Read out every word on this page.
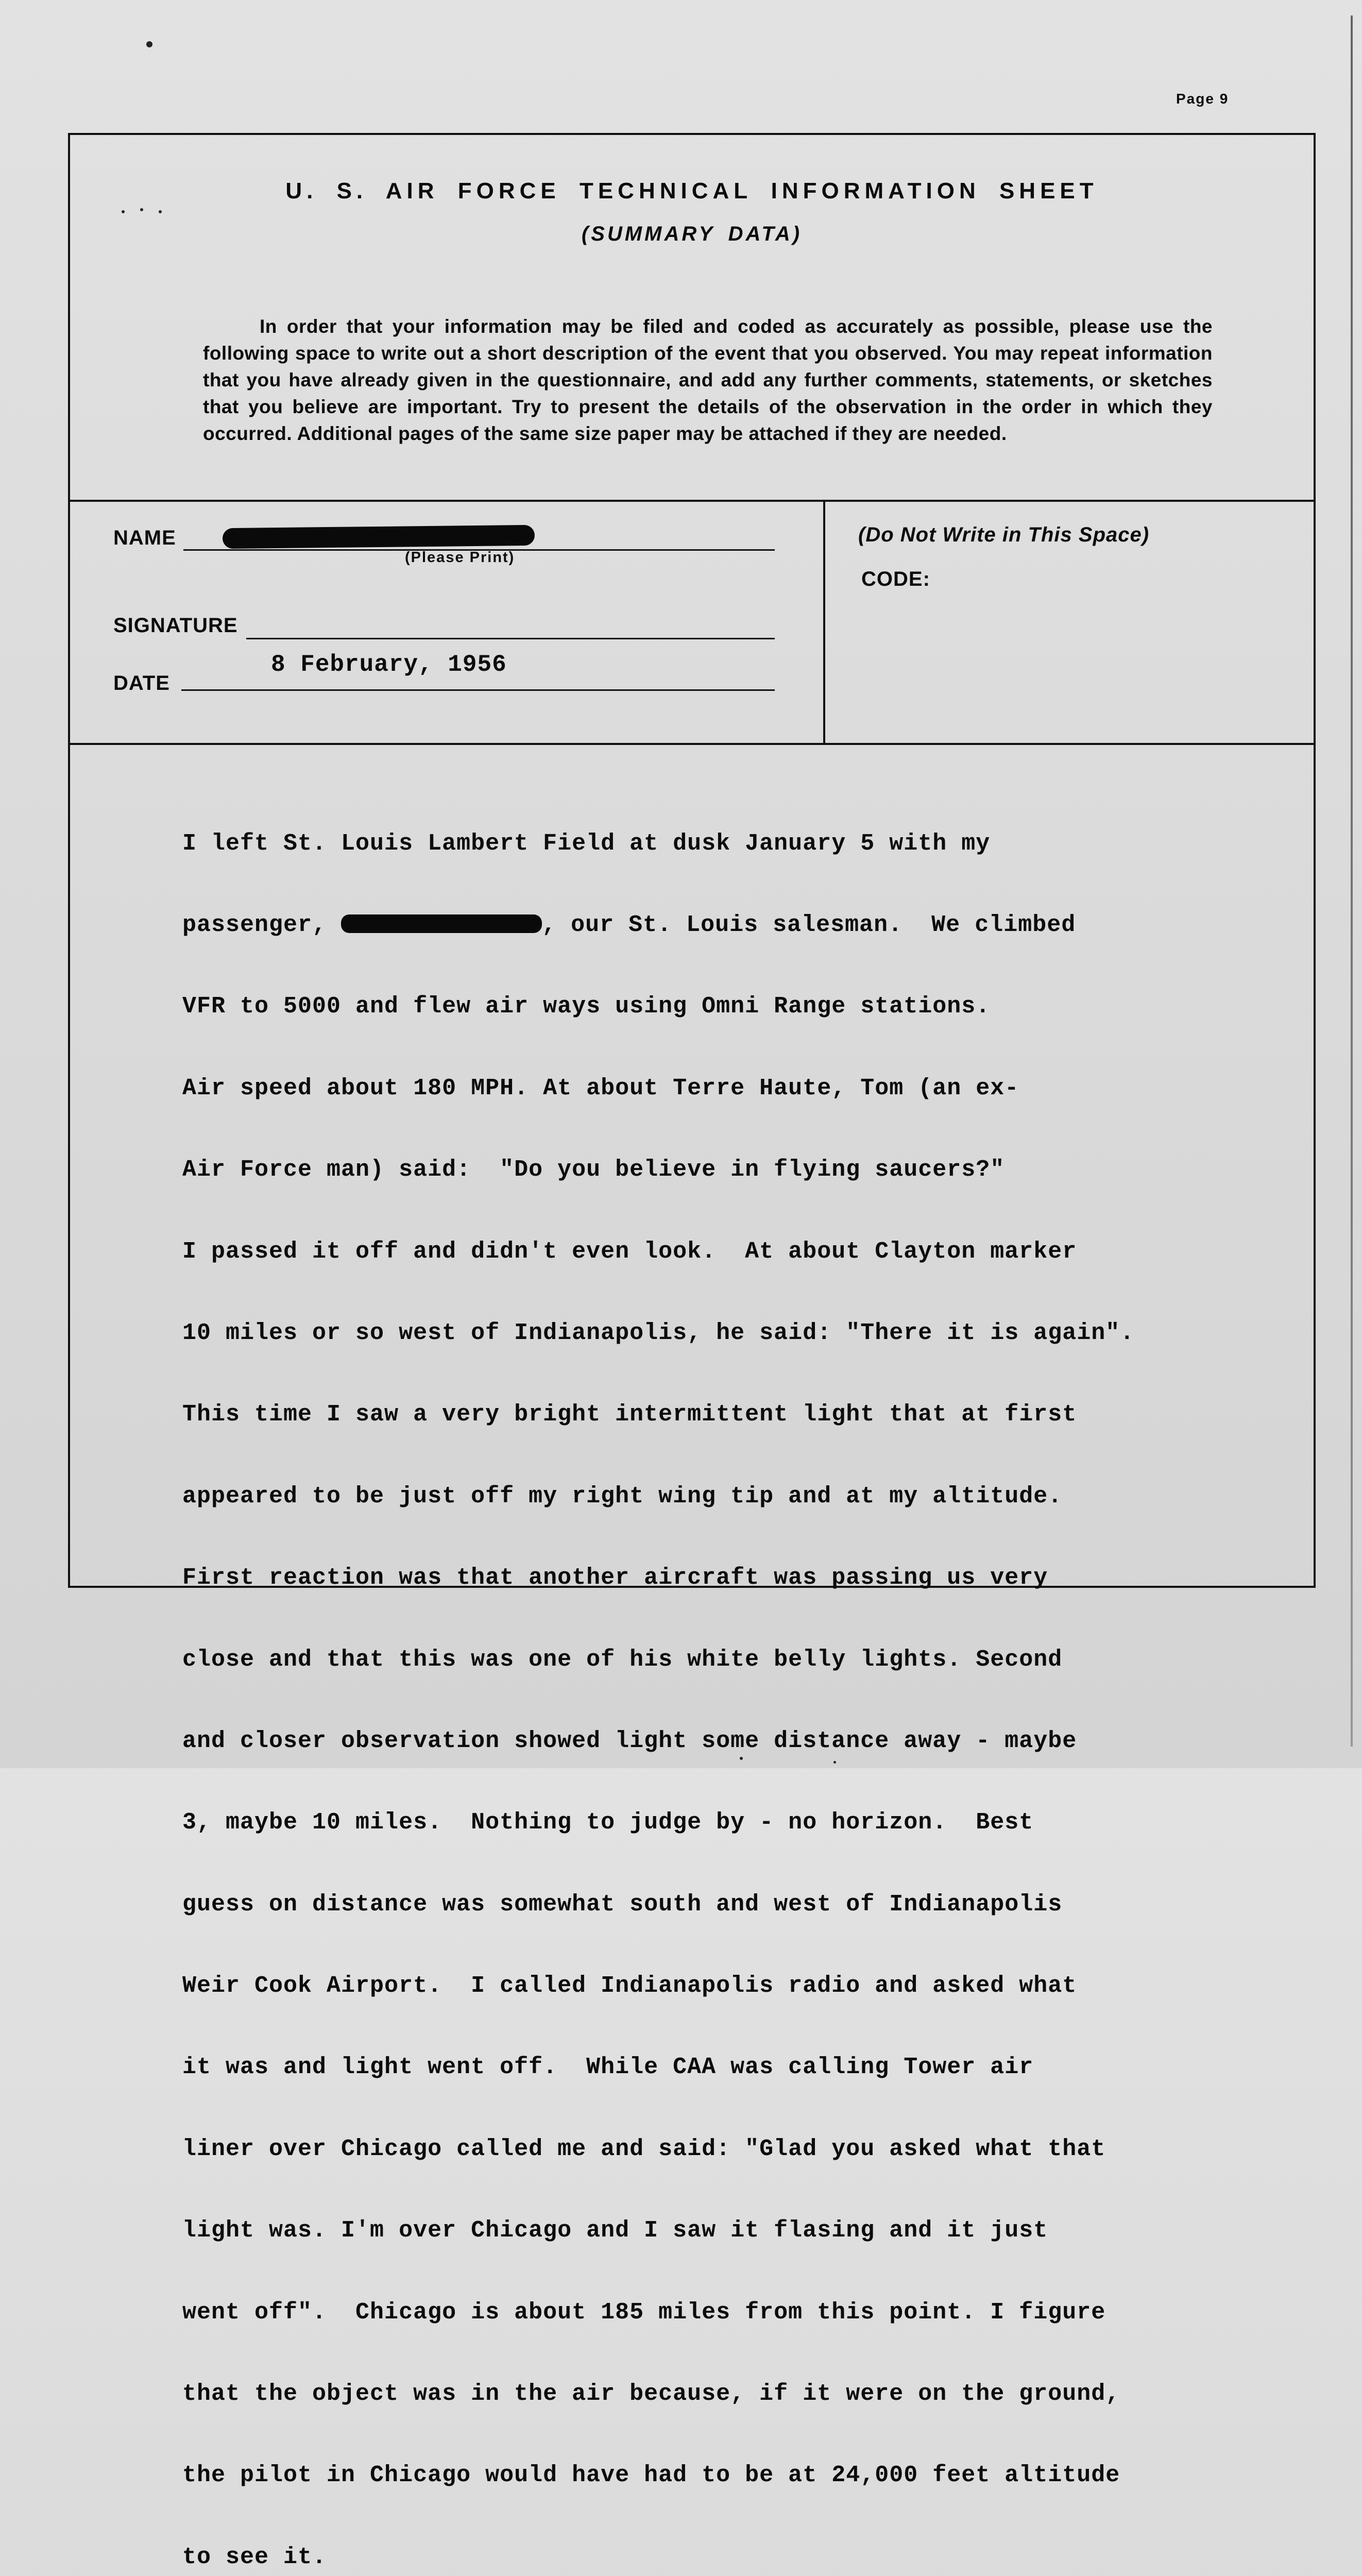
Page 9
U. S. AIR FORCE TECHNICAL INFORMATION SHEET
(SUMMARY DATA)

In order that your information may be filed and coded as accurately as possible, please use the following space to write out a short description of the event that you observed. You may repeat information that you have already given in the questionnaire, and add any further comments, statements, or sketches that you believe are important. Try to present the details of the observation in the order in which they occurred. Additional pages of the same size paper may be attached if they are needed.

NAME
(Please Print)
SIGNATURE
DATE
8 February, 1956
(Do Not Write in This Space)
CODE:

I left St. Louis Lambert Field at dusk January 5 with my

passenger,	, our St. Louis salesman.  We climbed

VFR to 5000 and flew air ways using Omni Range stations.

Air speed about 180 MPH. At about Terre Haute, Tom (an ex-

Air Force man) said:  "Do you believe in flying saucers?"

I passed it off and didn't even look.  At about Clayton marker

10 miles or so west of Indianapolis, he said: "There it is again".

This time I saw a very bright intermittent light that at first

appeared to be just off my right wing tip and at my altitude.

First reaction was that another aircraft was passing us very

close and that this was one of his white belly lights. Second

and closer observation showed light some distance away - maybe

3, maybe 10 miles.  Nothing to judge by - no horizon.  Best

guess on distance was somewhat south and west of Indianapolis

Weir Cook Airport.  I called Indianapolis radio and asked what

it was and light went off.  While CAA was calling Tower air

liner over Chicago called me and said: "Glad you asked what that

light was. I'm over Chicago and I saw it flasing and it just

went off".  Chicago is about 185 miles from this point. I figure

that the object was in the air because, if it were on the ground,

the pilot in Chicago would have had to be at 24,000 feet altitude

to see it.
